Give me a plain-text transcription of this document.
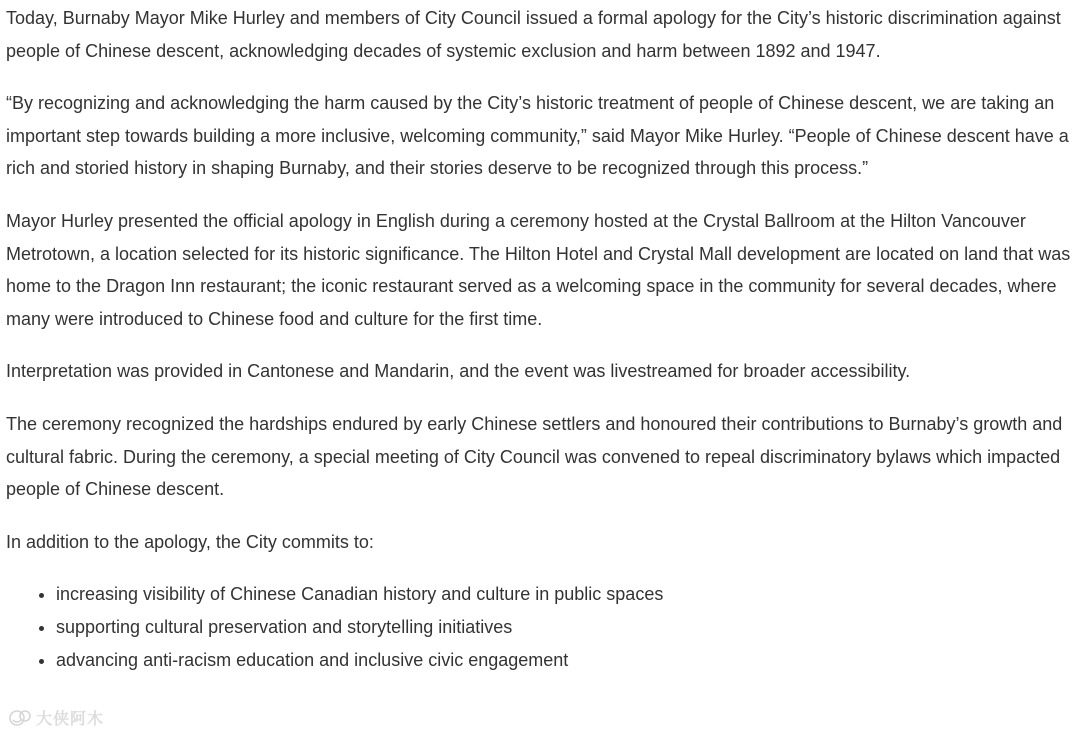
Today, Burnaby Mayor Mike Hurley and members of City Council issued a formal apology for the City’s historic discrimination against people of Chinese descent, acknowledging decades of systemic exclusion and harm between 1892 and 1947.

“By recognizing and acknowledging the harm caused by the City’s historic treatment of people of Chinese descent, we are taking an important step towards building a more inclusive, welcoming community,” said Mayor Mike Hurley. “People of Chinese descent have a rich and storied history in shaping Burnaby, and their stories deserve to be recognized through this process.”

Mayor Hurley presented the official apology in English during a ceremony hosted at the Crystal Ballroom at the Hilton Vancouver Metrotown, a location selected for its historic significance. The Hilton Hotel and Crystal Mall development are located on land that was home to the Dragon Inn restaurant; the iconic restaurant served as a welcoming space in the community for several decades, where many were introduced to Chinese food and culture for the first time.

Interpretation was provided in Cantonese and Mandarin, and the event was livestreamed for broader accessibility.

The ceremony recognized the hardships endured by early Chinese settlers and honoured their contributions to Burnaby’s growth and cultural fabric. During the ceremony, a special meeting of City Council was convened to repeal discriminatory bylaws which impacted people of Chinese descent.

In addition to the apology, the City commits to:

• increasing visibility of Chinese Canadian history and culture in public spaces
• supporting cultural preservation and storytelling initiatives
• advancing anti-racism education and inclusive civic engagement
大侠阿木
